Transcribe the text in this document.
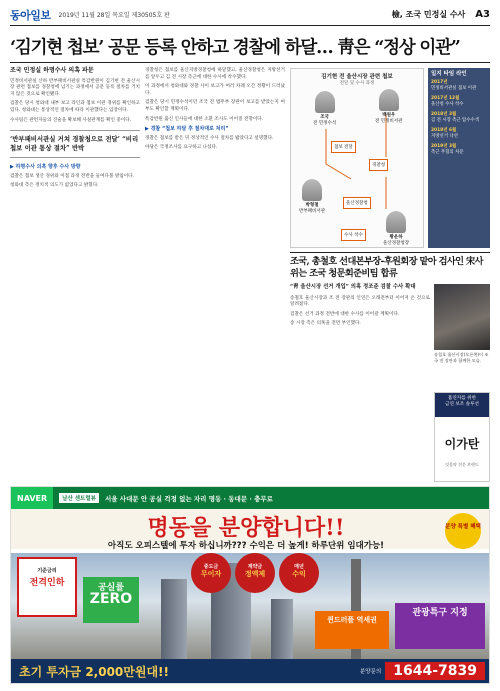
동아일보 2019년 11월 28일 목요일 제30505호 판	檢, 조국 민정실 수사 A3
‘김기현 첩보’ 공문 등록 안하고 경찰에 하달… 靑은 “정상 이관”
조국 민정실 하명수사 의혹 파문

민정비서관실 산하 반부패비서관실 특감반원이 김기현 전 울산시장 관련 첩보를 경찰청에 넘기는 과정에서 공문 등록 절차를 거치지 않은 것으로 확인됐다.

검찰은 당시 청와대 내부 보고 라인과 첩보 이관 경위를 확인하고 있다. 청와대는 통상적인 절차에 따라 이관했다는 입장이다.

수사팀은 관련자들의 진술을 확보해 사실관계를 확인 중이다.

‘반부패비서관실 거쳐 경찰청으로 전달’ “비리 첩보 이관 통상 절차” 반박
▶ 하명수사 의혹 향후 수사 방향

검찰은 첩보 생산 경위와 이첩 과정 전반을 들여다볼 방침이다.

청와대 측은 정치적 의도가 없었다고 밝혔다.

경찰청은 첩보를 울산지방경찰청에 하달했고, 울산경찰청은 지방선거를 앞두고 김 전 시장 측근에 대한 수사에 착수했다.

이 과정에서 청와대와 경찰 사이 보고가 여러 차례 오간 정황이 드러났다.

검찰은 당시 민정수석이던 조국 전 법무부 장관이 보고를 받았는지 여부도 확인할 계획이다.

특감반원 출신 인사들에 대한 소환 조사도 이어질 전망이다.

▶ 경찰 “첩보 하달 후 절차대로 처리”

경찰은 첩보를 받은 뒤 정상적인 수사 절차를 밟았다고 설명했다.

야당은 국정조사를 요구하고 나섰다.

김기현 전 울산시장 관련 첩보
전달 및 수사 과정
조국
전 민정수석
백원우
전 민정비서관
박형철
반부패비서관
황운하
울산경찰청장
경찰청
울산경찰청
첩보 전달
수사 착수
일지 타임 라인
2017년
민정비서관실 첩보 이관
2017년 12월
울산청 수사 착수
2018년 3월
김 전 시장 측근 압수수색
2018년 6월
지방선거 낙선
2019년 3월
측근 무혐의 처분
조국, 총철호 선대본부장-후원회장 맡아 검사인 宋사위는 조국 청문회준비팀 합류
“靑 울산시장 선거 개입” 의혹 정조준 검찰 수사 확대

송철호 울산시장과 조 전 장관의 인연은 오래전부터 이어져 온 것으로 알려졌다.

검찰은 선거 과정 전반에 대한 수사를 이어갈 계획이다.

송 시장 측은 의혹을 전면 부인했다.

송철호 울산시장(오른쪽)이 조국 전 장관과 함께한 모습.
흡연자를 위한
금연 보조 솔루션
이가탄
잇몸약 전문 브랜드
NAVER	남산 센트럴뷰	서울 사대문 안 공실 걱정 없는 자리 명동 · 동대문 · 충무로
명동을 분양합니다!!
아직도 오피스텔에 투자 하십니까??? 수익은 더 높게! 하루단위 임대가능!
분양 특별 혜택
기준금리
전격인하	공실률
ZERO
중도금
무이자
계약금
정액제
매년
수익
퀸드러플 역세권
관광특구 지정
초기 투자금 2,000만원대!!	분양문의 1644-7839
